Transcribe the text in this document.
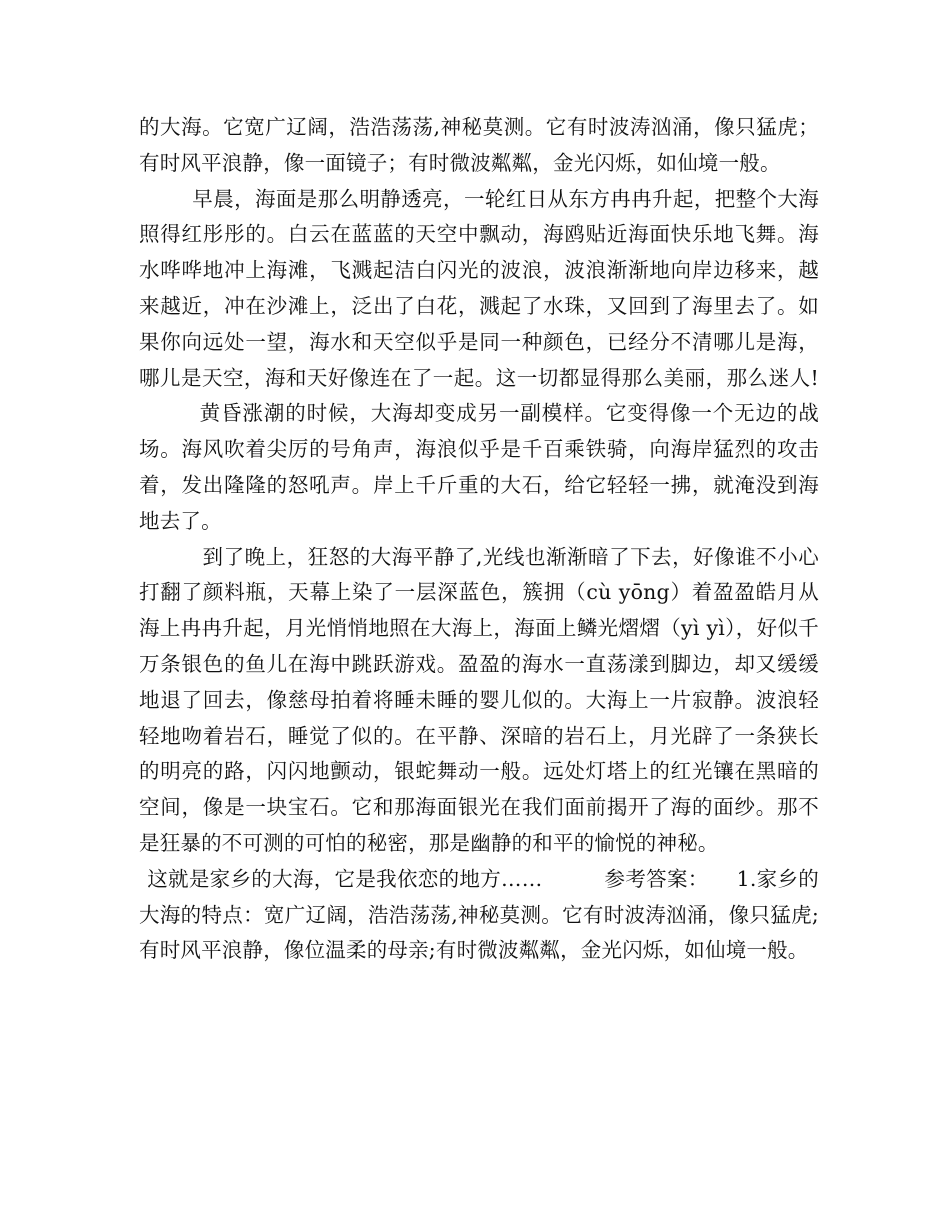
的大海。它宽广辽阔，浩浩荡荡,神秘莫测。它有时波涛汹涌，像只猛虎；有时风平浪静，像一面镜子；有时微波粼粼，金光闪烁，如仙境一般。

早晨，海面是那么明静透亮，一轮红日从东方冉冉升起，把整个大海照得红彤彤的。白云在蓝蓝的天空中飘动，海鸥贴近海面快乐地飞舞。海水哗哗地冲上海滩，飞溅起洁白闪光的波浪，波浪渐渐地向岸边移来，越来越近，冲在沙滩上，泛出了白花，溅起了水珠，又回到了海里去了。如果你向远处一望，海水和天空似乎是同一种颜色，已经分不清哪儿是海，哪儿是天空，海和天好像连在了一起。这一切都显得那么美丽，那么迷人!黄昏涨潮的时候，大海却变成另一副模样。它变得像一个无边的战场。海风吹着尖厉的号角声，海浪似乎是千百乘铁骑，向海岸猛烈的攻击着，发出隆隆的怒吼声。岸上千斤重的大石，给它轻轻一拂，就淹没到海地去了。

到了晚上，狂怒的大海平静了,光线也渐渐暗了下去，好像谁不小心打翻了颜料瓶，天幕上染了一层深蓝色，簇拥（cù yōng）着盈盈皓月从海上冉冉升起，月光悄悄地照在大海上，海面上鳞光熠熠（yì yì），好似千万条银色的鱼儿在海中跳跃游戏。盈盈的海水一直荡漾到脚边，却又缓缓地退了回去，像慈母拍着将睡未睡的婴儿似的。大海上一片寂静。波浪轻轻地吻着岩石，睡觉了似的。在平静、深暗的岩石上，月光辟了一条狭长的明亮的路，闪闪地颤动，银蛇舞动一般。远处灯塔上的红光镶在黑暗的空间，像是一块宝石。它和那海面银光在我们面前揭开了海的面纱。那不是狂暴的不可测的可怕的秘密，那是幽静的和平的愉悦的神秘。

这就是家乡的大海，它是我依恋的地方……	参考答案： 1.家乡的大海的特点：宽广辽阔，浩浩荡荡,神秘莫测。它有时波涛汹涌，像只猛虎;有时风平浪静，像位温柔的母亲;有时微波粼粼，金光闪烁，如仙境一般。
